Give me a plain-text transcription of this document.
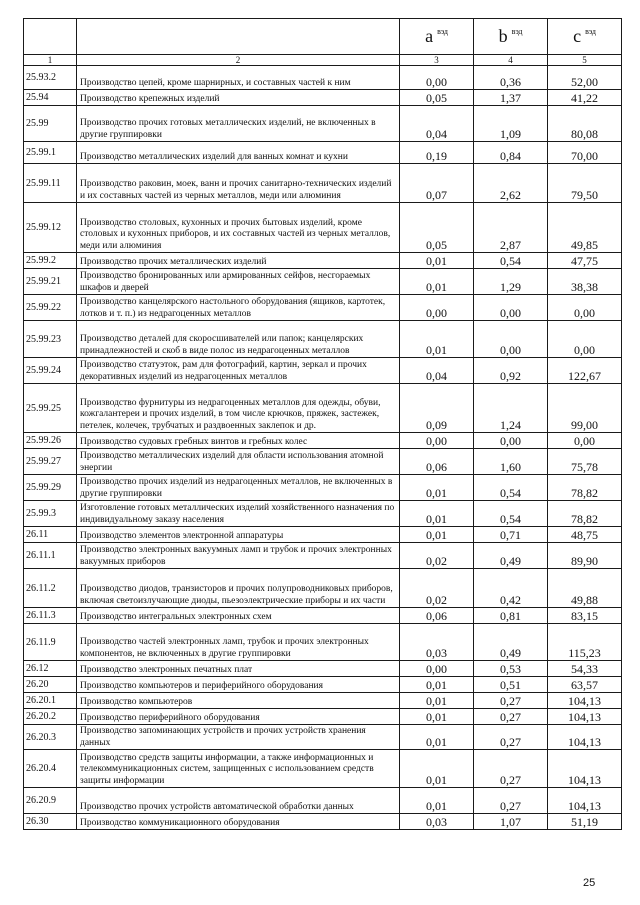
		a $^{вэд}$	b $^{вэд}$	c $^{вэд}$
1	2	3	4	5
25.93.2	Производство цепей, кроме шарнирных, и составных частей к ним	0,00	0,36	52,00
25.94	Производство крепежных изделий	0,05	1,37	41,22
25.99	Производство прочих готовых металлических изделий, не включенных в другие группировки	0,04	1,09	80,08
25.99.1	Производство металлических изделий для ванных комнат и кухни	0,19	0,84	70,00
25.99.11	Производство раковин, моек, ванн и прочих санитарно-технических изделий и их составных частей из черных металлов, меди или алюминия	0,07	2,62	79,50
25.99.12	Производство столовых, кухонных и прочих бытовых изделий, кроме столовых и кухонных приборов, и их составных частей из черных металлов, меди или алюминия	0,05	2,87	49,85
25.99.2	Производство прочих металлических изделий	0,01	0,54	47,75
25.99.21	Производство бронированных или армированных сейфов, несгораемых шкафов и дверей	0,01	1,29	38,38
25.99.22	Производство канцелярского настольного оборудования (ящиков, картотек, лотков и т. п.) из недрагоценных металлов	0,00	0,00	0,00
25.99.23	Производство деталей для скоросшивателей или папок; канцелярских принадлежностей и скоб в виде полос из недрагоценных металлов	0,01	0,00	0,00
25.99.24	Производство статуэток, рам для фотографий, картин, зеркал и прочих декоративных изделий из недрагоценных металлов	0,04	0,92	122,67
25.99.25	Производство фурнитуры из недрагоценных металлов для одежды, обуви, кожгалантереи и прочих изделий, в том числе крючков, пряжек, застежек, петелек, колечек, трубчатых и раздвоенных заклепок и др.	0,09	1,24	99,00
25.99.26	Производство судовых гребных винтов и гребных колес	0,00	0,00	0,00
25.99.27	Производство металлических изделий для области использования атомной энергии	0,06	1,60	75,78
25.99.29	Производство прочих изделий из недрагоценных металлов, не включенных в другие группировки	0,01	0,54	78,82
25.99.3	Изготовление готовых металлических изделий хозяйственного назначения по индивидуальному заказу населения	0,01	0,54	78,82
26.11	Производство элементов электронной аппаратуры	0,01	0,71	48,75
26.11.1	Производство электронных вакуумных ламп и трубок и прочих электронных вакуумных приборов	0,02	0,49	89,90
26.11.2	Производство диодов, транзисторов и прочих полупроводниковых приборов, включая светоизлучающие диоды, пьезоэлектрические приборы и их части	0,02	0,42	49,88
26.11.3	Производство интегральных электронных схем	0,06	0,81	83,15
26.11.9	Производство частей электронных ламп, трубок и прочих электронных компонентов, не включенных в другие группировки	0,03	0,49	115,23
26.12	Производство электронных печатных плат	0,00	0,53	54,33
26.20	Производство компьютеров и периферийного оборудования	0,01	0,51	63,57
26.20.1	Производство компьютеров	0,01	0,27	104,13
26.20.2	Производство периферийного оборудования	0,01	0,27	104,13
26.20.3	Производство запоминающих устройств и прочих устройств хранения данных	0,01	0,27	104,13
26.20.4	Производство средств защиты информации, а также информационных и телекоммуникационных систем, защищенных с использованием средств защиты информации	0,01	0,27	104,13
26.20.9	Производство прочих устройств автоматической обработки данных	0,01	0,27	104,13
26.30	Производство коммуникационного оборудования	0,03	1,07	51,19
25
